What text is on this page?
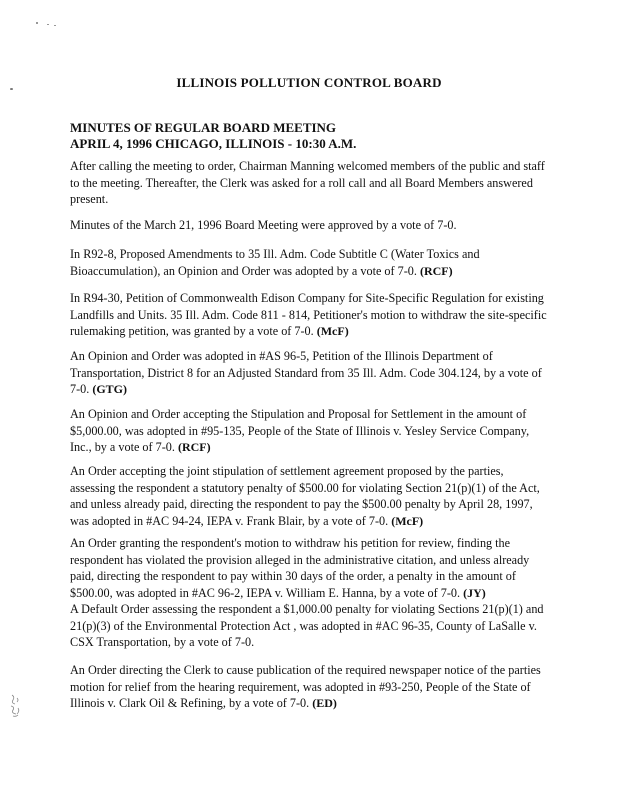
ILLINOIS POLLUTION CONTROL BOARD
MINUTES OF REGULAR BOARD MEETING
APRIL 4, 1996 CHICAGO, ILLINOIS - 10:30 A.M.
After calling the meeting to order, Chairman Manning welcomed members of the public and staff to the meeting. Thereafter, the Clerk was asked for a roll call and all Board Members answered present.
Minutes of the March 21, 1996 Board Meeting were approved by a vote of 7-0.
In R92-8, Proposed Amendments to 35 Ill. Adm. Code Subtitle C (Water Toxics and Bioaccumulation), an Opinion and Order was adopted by a vote of 7-0. (RCF)
In R94-30, Petition of Commonwealth Edison Company for Site-Specific Regulation for existing Landfills and Units. 35 Ill. Adm. Code 811 - 814, Petitioner's motion to withdraw the site-specific rulemaking petition, was granted by a vote of 7-0. (McF)
An Opinion and Order was adopted in #AS 96-5, Petition of the Illinois Department of Transportation, District 8 for an Adjusted Standard from 35 Ill. Adm. Code 304.124, by a vote of 7-0. (GTG)
An Opinion and Order accepting the Stipulation and Proposal for Settlement in the amount of $5,000.00, was adopted in #95-135, People of the State of Illinois v. Yesley Service Company, Inc., by a vote of 7-0. (RCF)
An Order accepting the joint stipulation of settlement agreement proposed by the parties, assessing the respondent a statutory penalty of $500.00 for violating Section 21(p)(1) of the Act, and unless already paid, directing the respondent to pay the $500.00 penalty by April 28, 1997, was adopted in #AC 94-24, IEPA v. Frank Blair, by a vote of 7-0. (McF)
An Order granting the respondent's motion to withdraw his petition for review, finding the respondent has violated the provision alleged in the administrative citation, and unless already paid, directing the respondent to pay within 30 days of the order, a penalty in the amount of $500.00, was adopted in #AC 96-2, IEPA v. William E. Hanna, by a vote of 7-0. (JY)
A Default Order assessing the respondent a $1,000.00 penalty for violating Sections 21(p)(1) and 21(p)(3) of the Environmental Protection Act , was adopted in #AC 96-35, County of LaSalle v. CSX Transportation, by a vote of 7-0.
An Order directing the Clerk to cause publication of the required newspaper notice of the parties motion for relief from the hearing requirement, was adopted in #93-250, People of the State of Illinois v. Clark Oil & Refining, by a vote of 7-0. (ED)
